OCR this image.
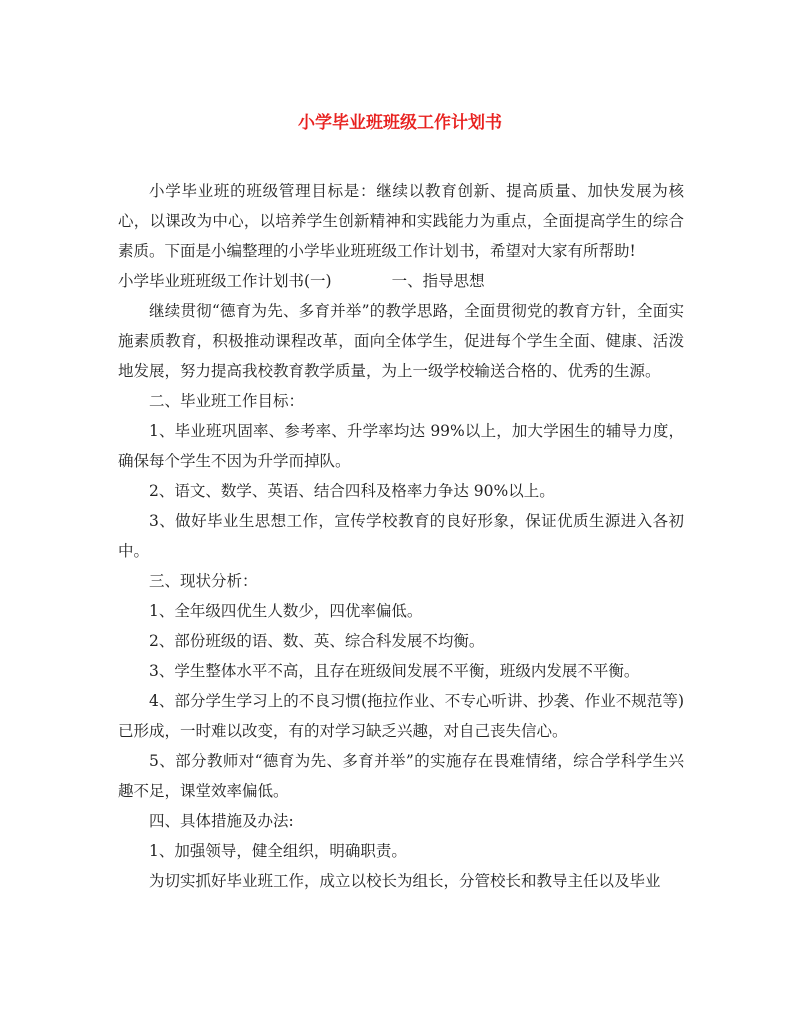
小学毕业班班级工作计划书

小学毕业班的班级管理目标是：继续以教育创新、提高质量、加快发展为核心，以课改为中心，以培养学生创新精神和实践能力为重点，全面提高学生的综合素质。下面是小编整理的小学毕业班班级工作计划书，希望对大家有所帮助!

小学毕业班班级工作计划书(一)	一、指导思想

继续贯彻“德育为先、多育并举”的教学思路，全面贯彻党的教育方针，全面实施素质教育，积极推动课程改革，面向全体学生，促进每个学生全面、健康、活泼地发展，努力提高我校教育教学质量，为上一级学校输送合格的、优秀的生源。

二、毕业班工作目标：

1、毕业班巩固率、参考率、升学率均达 99%以上，加大学困生的辅导力度，确保每个学生不因为升学而掉队。

2、语文、数学、英语、结合四科及格率力争达 90%以上。

3、做好毕业生思想工作，宣传学校教育的良好形象，保证优质生源进入各初中。

三、现状分析：

1、全年级四优生人数少，四优率偏低。

2、部份班级的语、数、英、综合科发展不均衡。

3、学生整体水平不高，且存在班级间发展不平衡，班级内发展不平衡。

4、部分学生学习上的不良习惯(拖拉作业、不专心听讲、抄袭、作业不规范等)已形成，一时难以改变，有的对学习缺乏兴趣，对自己丧失信心。

5、部分教师对“德育为先、多育并举”的实施存在畏难情绪，综合学科学生兴趣不足，课堂效率偏低。

四、具体措施及办法:

1、加强领导，健全组织，明确职责。

为切实抓好毕业班工作，成立以校长为组长，分管校长和教导主任以及毕业
